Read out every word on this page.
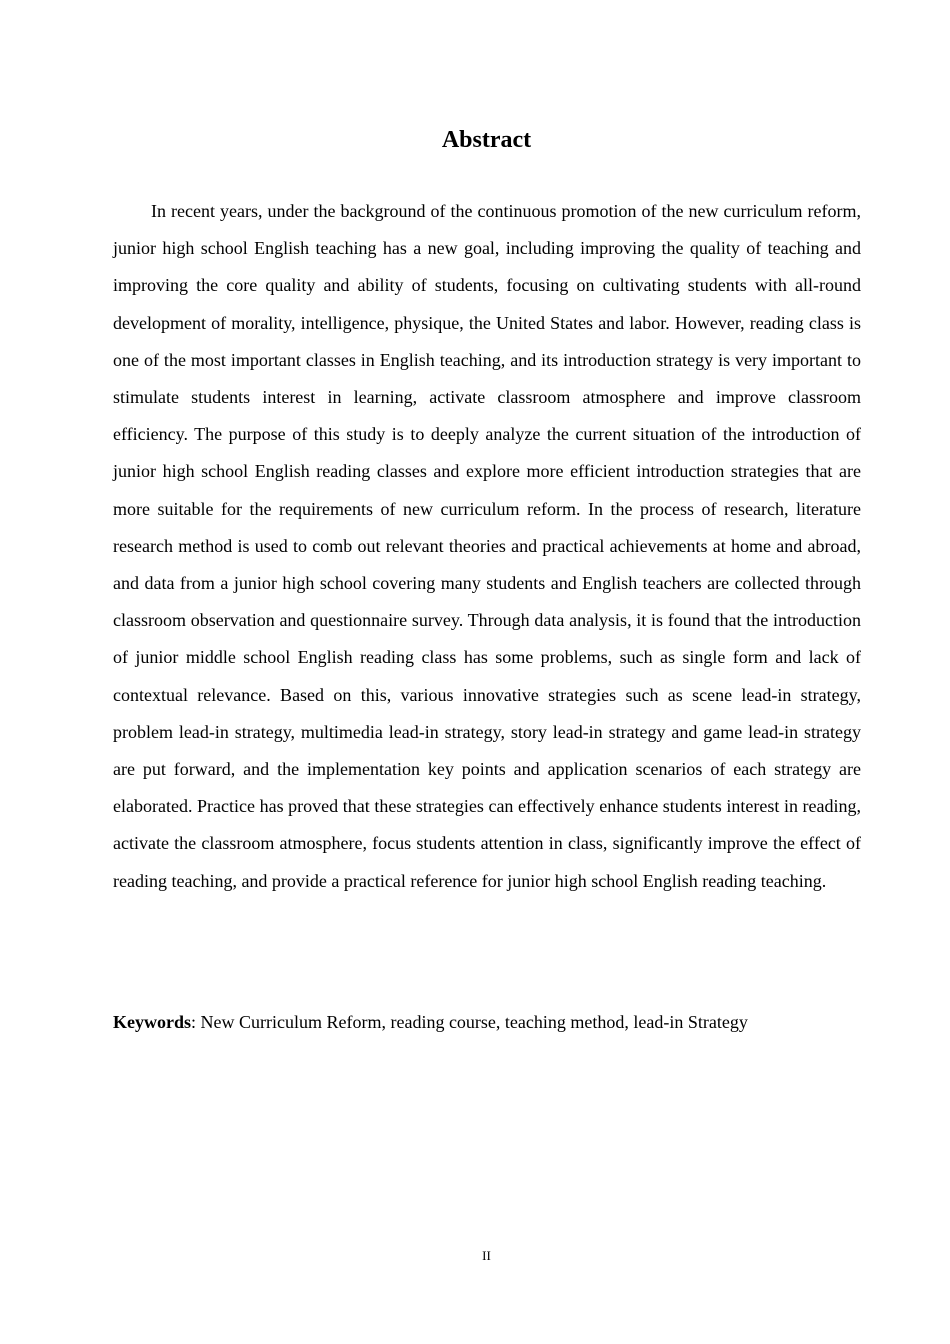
Abstract

In recent years, under the background of the continuous promotion of the new curriculum reform, junior high school English teaching has a new goal, including improving the quality of teaching and improving the core quality and ability of students, focusing on cultivating students with all-round development of morality, intelligence, physique, the United States and labor. However, reading class is one of the most important classes in English teaching, and its introduction strategy is very important to stimulate students interest in learning, activate classroom atmosphere and improve classroom efficiency. The purpose of this study is to deeply analyze the current situation of the introduction of junior high school English reading classes and explore more efficient introduction strategies that are more suitable for the requirements of new curriculum reform. In the process of research, literature research method is used to comb out relevant theories and practical achievements at home and abroad, and data from a junior high school covering many students and English teachers are collected through classroom observation and questionnaire survey. Through data analysis, it is found that the introduction of junior middle school English reading class has some problems, such as single form and lack of contextual relevance. Based on this, various innovative strategies such as scene lead-in strategy, problem lead-in strategy, multimedia lead-in strategy, story lead-in strategy and game lead-in strategy are put forward, and the implementation key points and application scenarios of each strategy are elaborated. Practice has proved that these strategies can effectively enhance students interest in reading, activate the classroom atmosphere, focus students attention in class, significantly improve the effect of reading teaching, and provide a practical reference for junior high school English reading teaching.

Keywords: New Curriculum Reform, reading course, teaching method, lead-in Strategy

II
